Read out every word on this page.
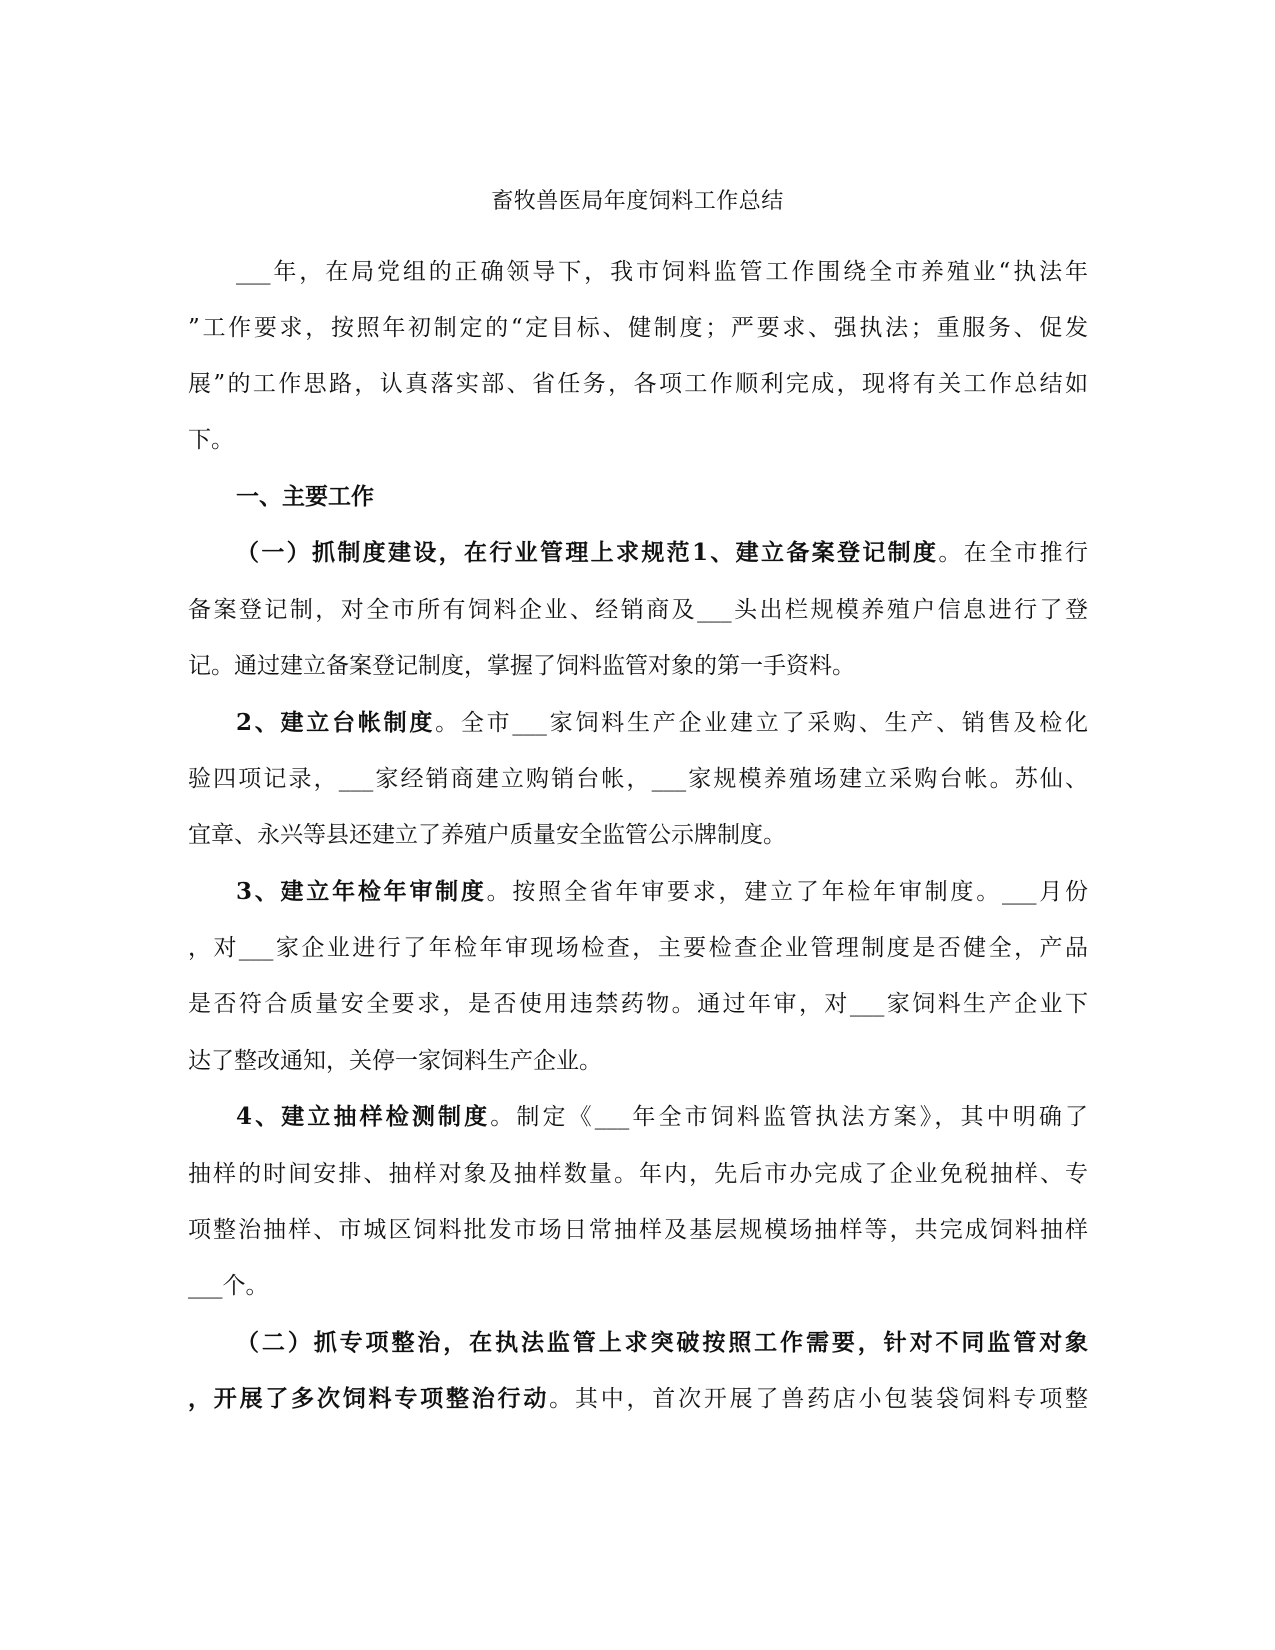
畜牧兽医局年度饲料工作总结
___年，在局党组的正确领导下，我市饲料监管工作围绕全市养殖业“执法年
”工作要求，按照年初制定的“定目标、健制度；严要求、强执法；重服务、促发
展”的工作思路，认真落实部、省任务，各项工作顺利完成，现将有关工作总结如
下。
一、主要工作
（一）抓制度建设，在行业管理上求规范1、建立备案登记制度。在全市推行
备案登记制，对全市所有饲料企业、经销商及___头出栏规模养殖户信息进行了登
记。通过建立备案登记制度，掌握了饲料监管对象的第一手资料。
2、建立台帐制度。全市___家饲料生产企业建立了采购、生产、销售及检化
验四项记录，___家经销商建立购销台帐，___家规模养殖场建立采购台帐。苏仙、
宜章、永兴等县还建立了养殖户质量安全监管公示牌制度。
3、建立年检年审制度。按照全省年审要求，建立了年检年审制度。___月份
，对___家企业进行了年检年审现场检查，主要检查企业管理制度是否健全，产品
是否符合质量安全要求，是否使用违禁药物。通过年审，对___家饲料生产企业下
达了整改通知，关停一家饲料生产企业。
4、建立抽样检测制度。制定《___年全市饲料监管执法方案》，其中明确了
抽样的时间安排、抽样对象及抽样数量。年内，先后市办完成了企业免税抽样、专
项整治抽样、市城区饲料批发市场日常抽样及基层规模场抽样等，共完成饲料抽样
___个。
（二）抓专项整治，在执法监管上求突破按照工作需要，针对不同监管对象
，开展了多次饲料专项整治行动。其中，首次开展了兽药店小包装袋饲料专项整
